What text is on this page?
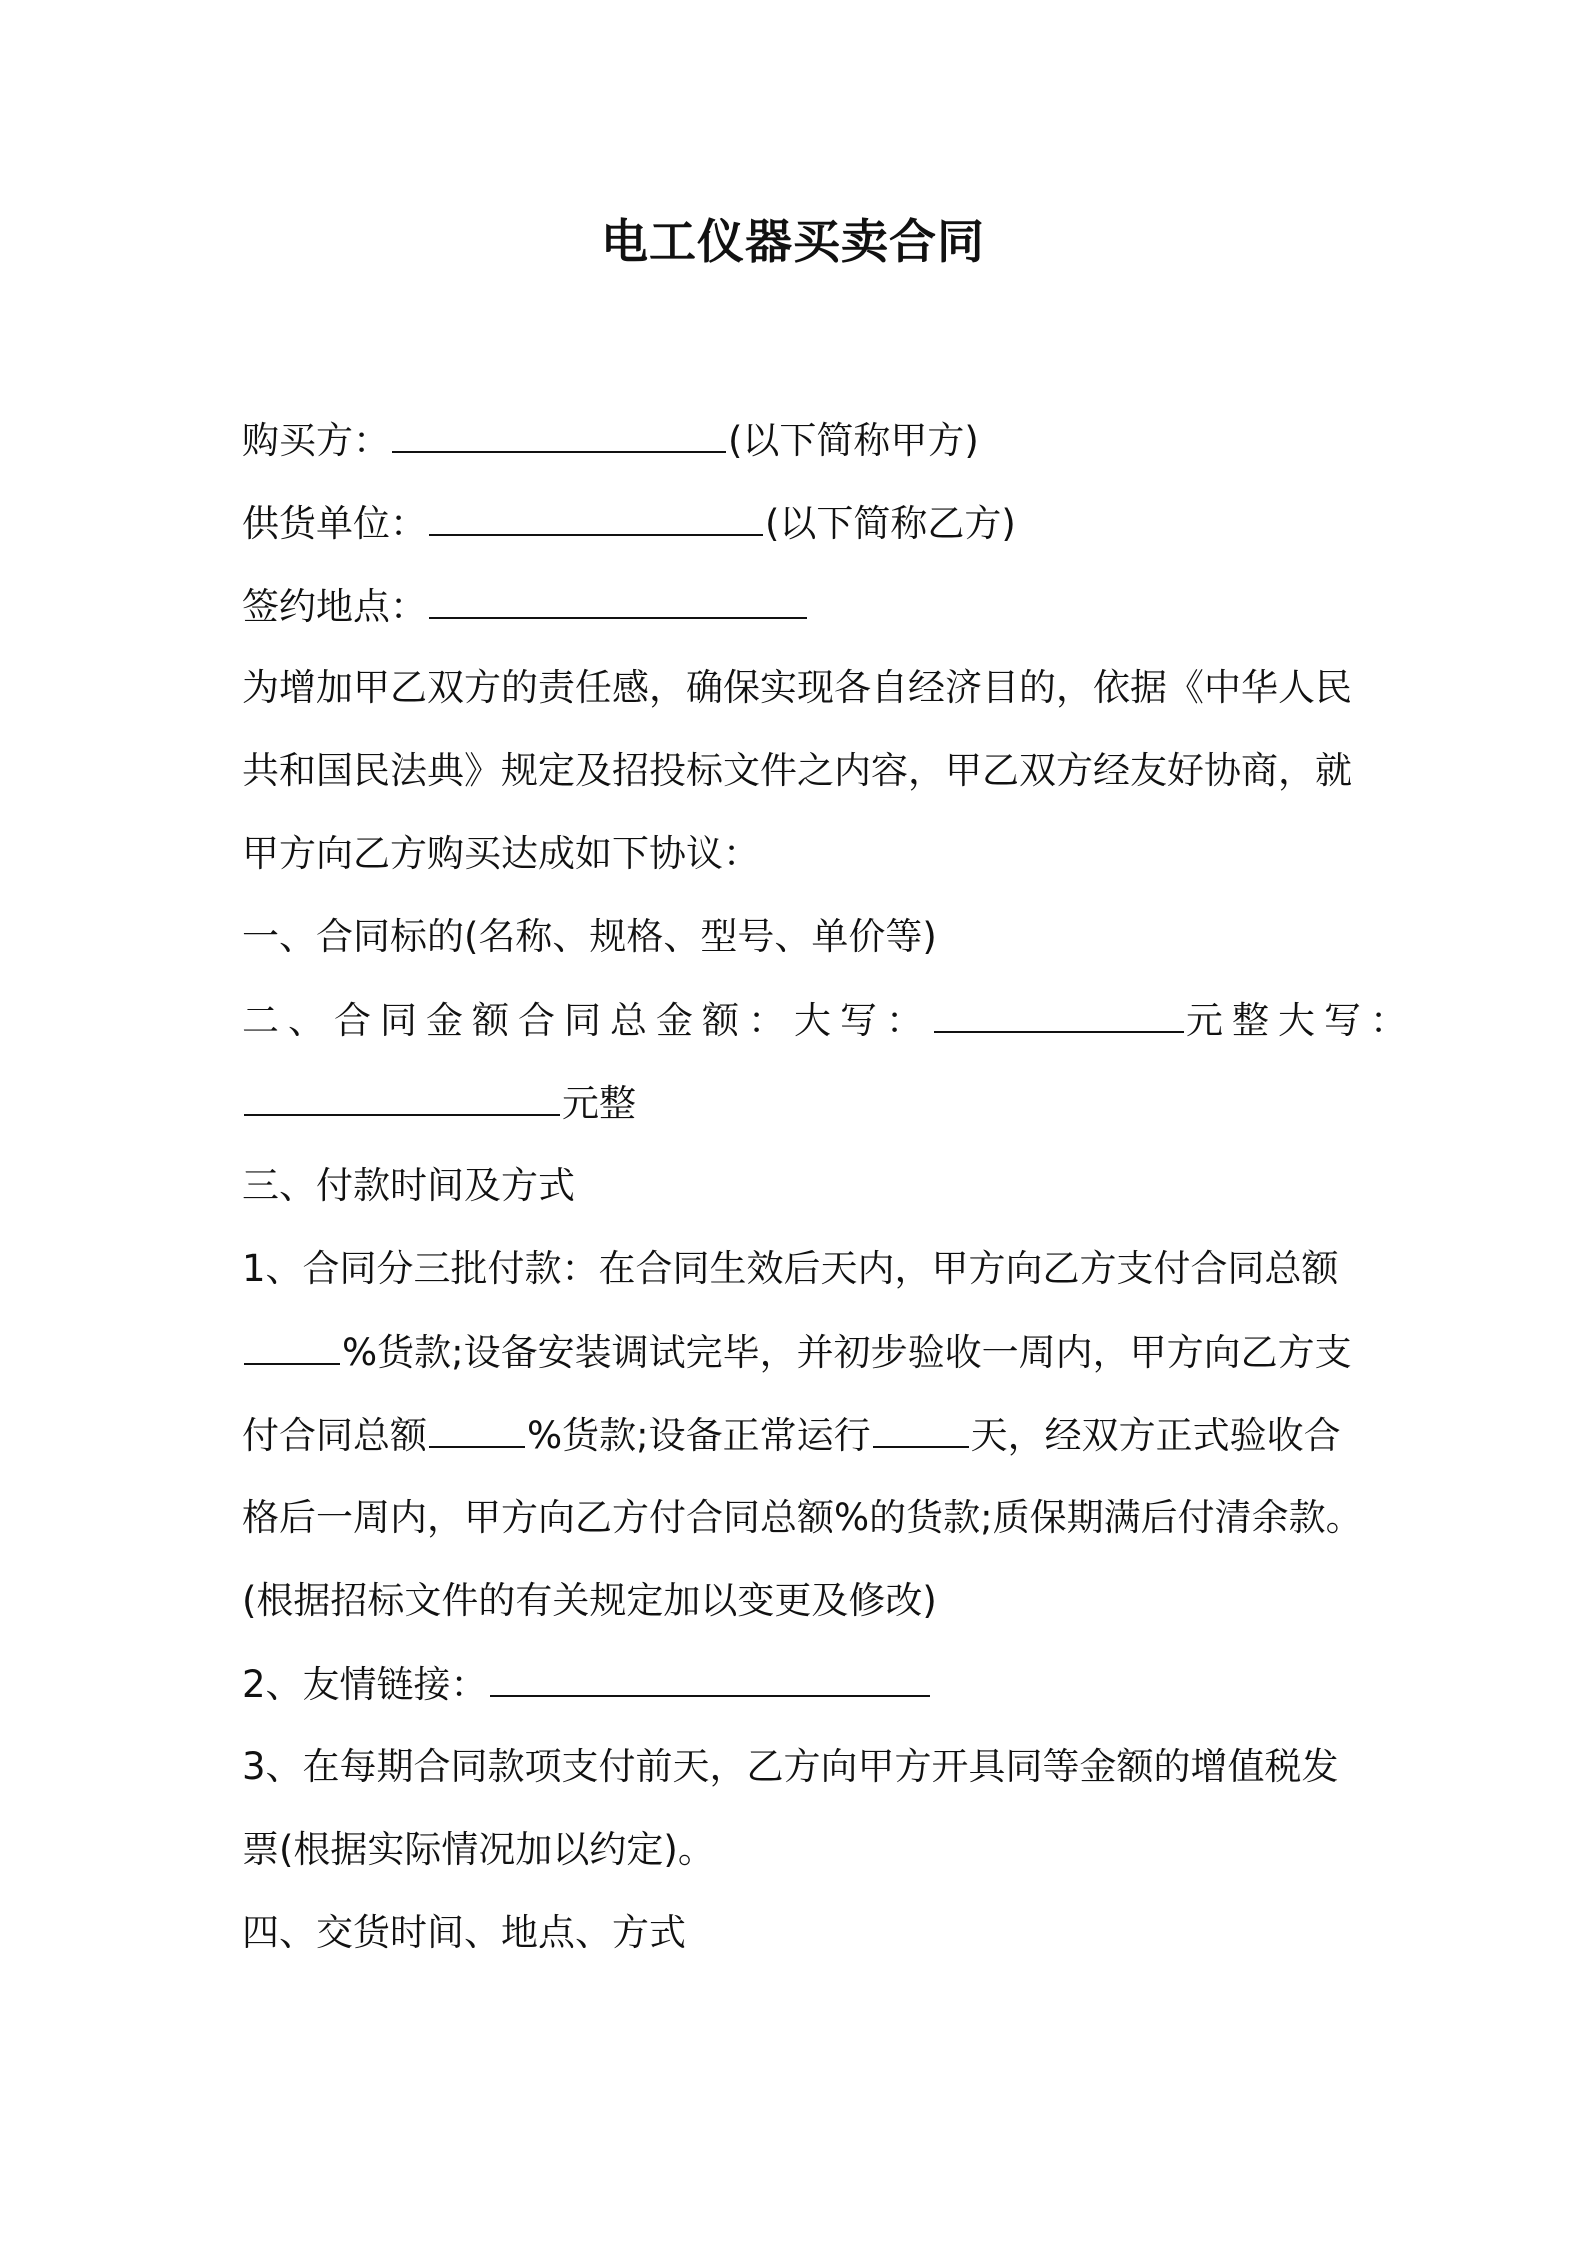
电工仪器买卖合同
购买方：	(以下简称甲方)
供货单位：	(以下简称乙方)
签约地点：
为增加甲乙双方的责任感，确保实现各自经济目的，依据《中华人民
共和国民法典》规定及招投标文件之内容，甲乙双方经友好协商，就
甲方向乙方购买达成如下协议：
一、合同标的(名称、规格、型号、单价等)
二、合同金额合同总金额：大写：	元整大写：
元整
三、付款时间及方式
1、合同分三批付款：在合同生效后天内，甲方向乙方支付合同总额
%货款;设备安装调试完毕，并初步验收一周内，甲方向乙方支
付合同总额	%货款;设备正常运行	天，经双方正式验收合
格后一周内，甲方向乙方付合同总额%的货款;质保期满后付清余款。
(根据招标文件的有关规定加以变更及修改)
2、友情链接：
3、在每期合同款项支付前天，乙方向甲方开具同等金额的增值税发
票(根据实际情况加以约定)。
四、交货时间、地点、方式
